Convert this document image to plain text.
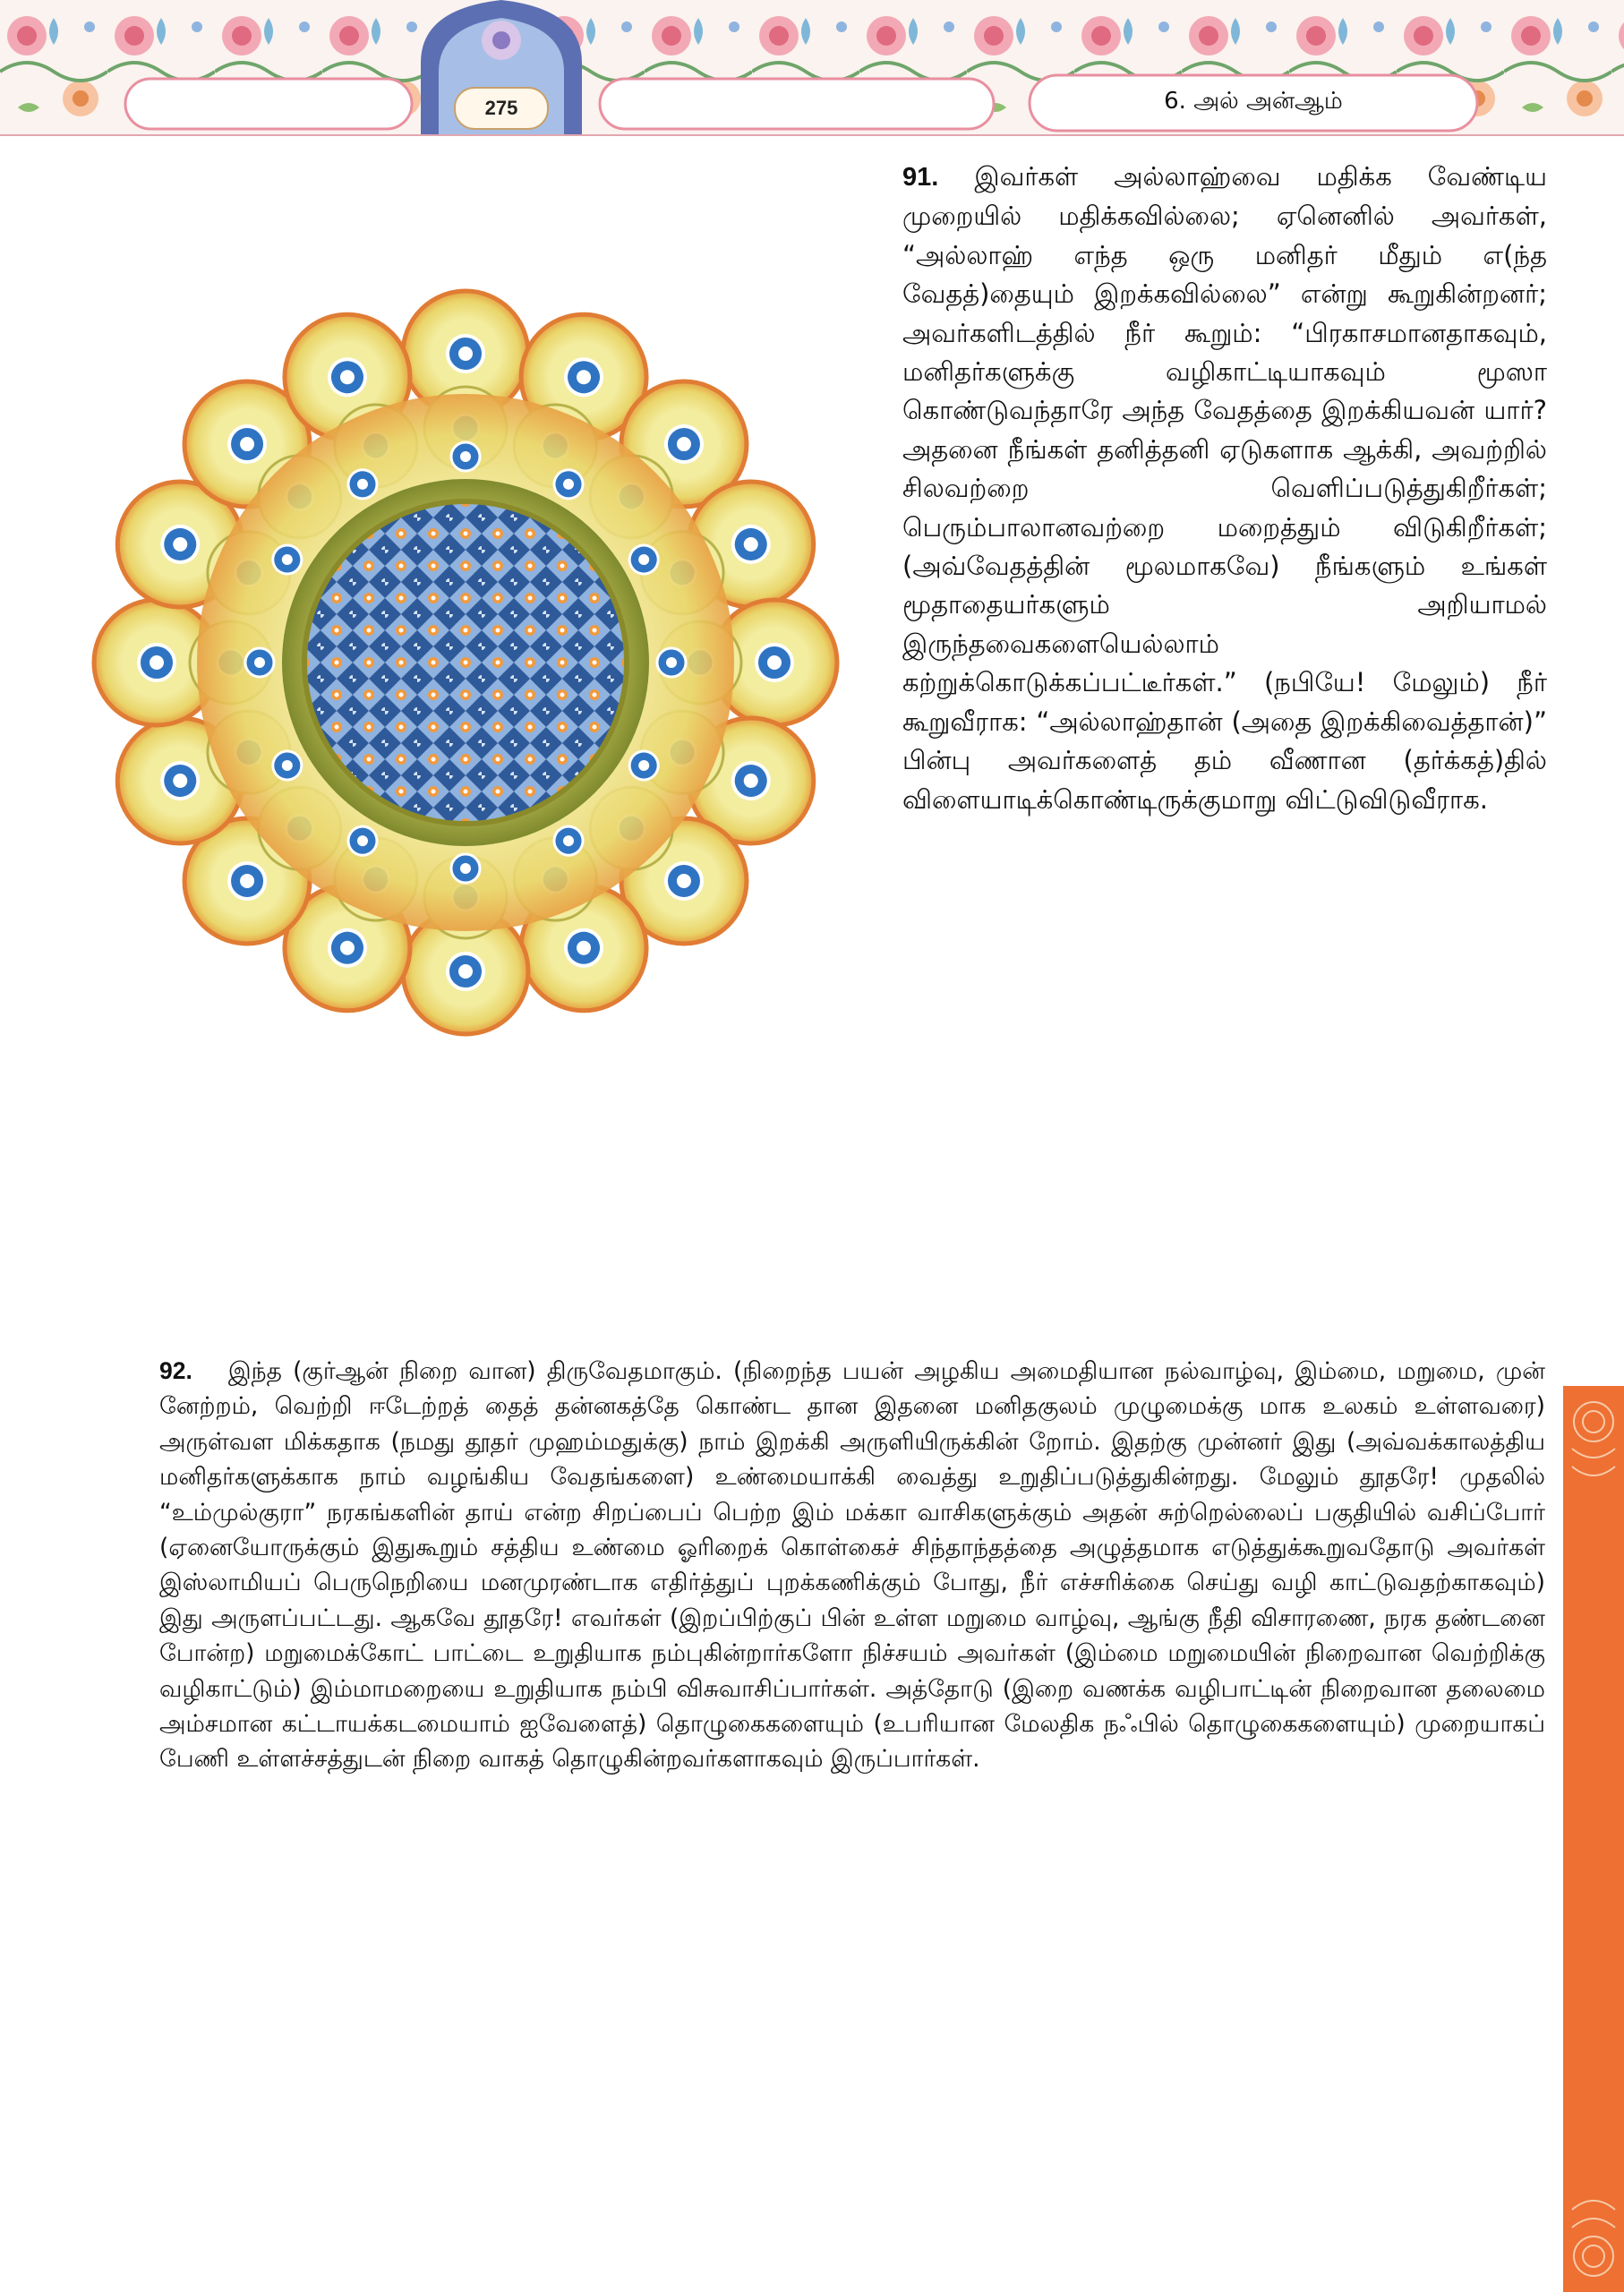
275	6. அல் அன்ஆம்
91. இவர்கள் அல்லாஹ்வை மதிக்க வேண்டிய முறையில் மதிக்கவில்லை; ஏனெனில் அவர்கள், “அல்லாஹ் எந்த ஒரு மனிதர் மீதும் எ(ந்த வேதத்)தையும் இறக்கவில்லை” என்று கூறுகின்றனர்; அவர்களிடத்தில் நீர் கூறும்: “பிரகாசமானதாகவும், மனிதர்களுக்கு வழிகாட்டியாகவும் மூஸா கொண்டுவந்தாரே அந்த வேதத்தை இறக்கியவன் யார்? அதனை நீங்கள் தனித்தனி ஏடுகளாக ஆக்கி, அவற்றில் சிலவற்றை வெளிப்படுத்துகிறீர்கள்; பெரும்பாலானவற்றை மறைத்தும் விடுகிறீர்கள்; (அவ்வேதத்தின் மூலமாகவே) நீங்களும் உங்கள் மூதாதையர்களும் அறியாமல் இருந்தவைகளையெல்லாம் கற்றுக்கொடுக்கப்பட்டீர்கள்.” (நபியே! மேலும்) நீர் கூறுவீராக: “அல்லாஹ்தான் (அதை இறக்கிவைத்தான்)” பின்பு அவர்களைத் தம் வீணான (தர்க்கத்)தில் விளையாடிக்கொண்டிருக்குமாறு விட்டுவிடுவீராக.
92. இந்த (குர்ஆன் நிறை வான) திருவேதமாகும். (நிறைந்த பயன் அழகிய அமைதியான நல்வாழ்வு, இம்மை, மறுமை, முன் னேற்றம், வெற்றி ஈடேற்றத் தைத் தன்னகத்தே கொண்ட தான இதனை மனிதகுலம் முழுமைக்கு மாக உலகம் உள்ளவரை) அருள்வள மிக்கதாக (நமது தூதர் முஹம்மதுக்கு) நாம் இறக்கி அருளியிருக்கின் றோம். இதற்கு முன்னர் இது (அவ்வக்காலத்திய மனிதர்களுக்காக நாம் வழங்கிய வேதங்களை) உண்மையாக்கி வைத்து உறுதிப்படுத்துகின்றது. மேலும் தூதரே! முதலில் “உம்முல்குரா” நரகங்களின் தாய் என்ற சிறப்பைப் பெற்ற இம் மக்கா வாசிகளுக்கும் அதன் சுற்றெல்லைப் பகுதியில் வசிப்போர் (ஏனையோருக்கும் இதுகூறும் சத்திய உண்மை ஓரிறைக் கொள்கைச் சிந்தாந்தத்தை அழுத்தமாக எடுத்துக்கூறுவதோடு அவர்கள் இஸ்லாமியப் பெருநெறியை மனமுரண்டாக எதிர்த்துப் புறக்கணிக்கும் போது, நீர் எச்சரிக்கை செய்து வழி காட்டுவதற்காகவும்) இது அருளப்பட்டது. ஆகவே தூதரே! எவர்கள் (இறப்பிற்குப் பின் உள்ள மறுமை வாழ்வு, ஆங்கு நீதி விசாரணை, நரக தண்டனை போன்ற) மறுமைக்கோட் பாட்டை உறுதியாக நம்புகின்றார்களோ நிச்சயம் அவர்கள் (இம்மை மறுமையின் நிறைவான வெற்றிக்கு வழிகாட்டும்) இம்மாமறையை உறுதியாக நம்பி விசுவாசிப்பார்கள். அத்தோடு (இறை வணக்க வழிபாட்டின் நிறைவான தலைமை அம்சமான கட்டாயக்கடமையாம் ஐவேளைத்) தொழுகைகளையும் (உபரியான மேலதிக நஃபில் தொழுகைகளையும்) முறையாகப் பேணி உள்ளச்சத்துடன் நிறை வாகத் தொழுகின்றவர்களாகவும் இருப்பார்கள்.
அதிகாரம் 7 | 6 • அல் அன்ஆம்
